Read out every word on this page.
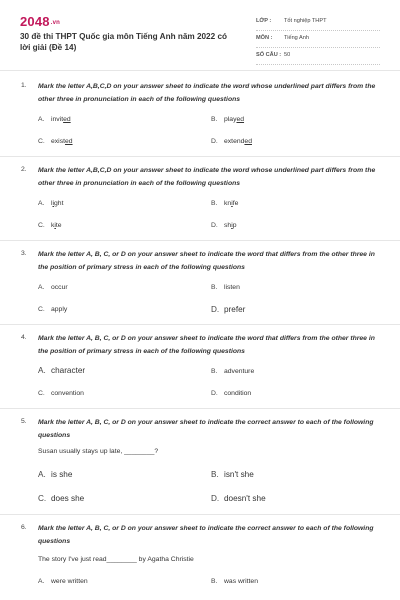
2048.vn
30 đề thi THPT Quốc gia môn Tiếng Anh năm 2022 có lời giải (Đề 14)
LỚP : Tốt nghiệp THPT
MÔN : Tiếng Anh
SỐ CÂU : 50
1. Mark the letter A,B,C,D on your answer sheet to indicate the word whose underlined part differs from the other three in pronunciation in each of the following questions
A. invited	B. played
C. existed	D. extended
2. Mark the letter A,B,C,D on your answer sheet to indicate the word whose underlined part differs from the other three in pronunciation in each of the following questions
A. light	B. knife
C. kite	D. ship
3. Mark the letter A, B, C, or D on your answer sheet to indicate the word that differs from the other three in the position of primary stress in each of the following questions
A. occur	B. listen
C. apply	D. prefer
4. Mark the letter A, B, C, or D on your answer sheet to indicate the word that differs from the other three in the position of primary stress in each of the following questions
A. character	B. adventure
C. convention	D. condition
5. Mark the letter A, B, C, or D on your answer sheet to indicate the correct answer to each of the following questions
Susan usually stays up late, ________?
A. is she	B. isn't she
C. does she	D. doesn't she
6. Mark the letter A, B, C, or D on your answer sheet to indicate the correct answer to each of the following questions
The story I've just read________ by Agatha Christie
A. were written	B. was written
